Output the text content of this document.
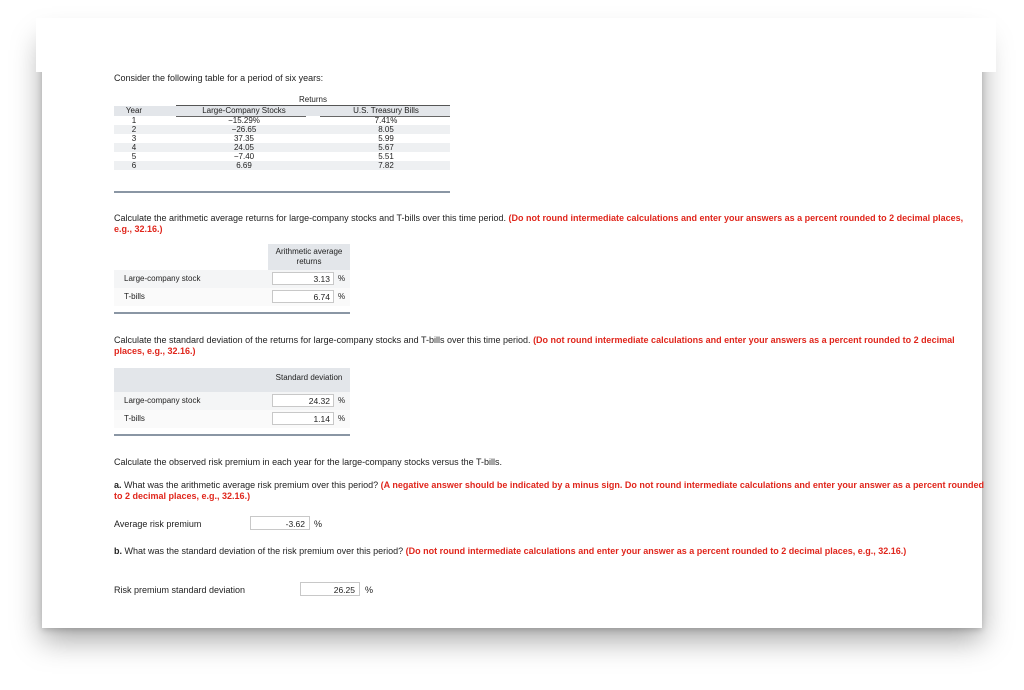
Consider the following table for a period of six years:
Returns
Year	Large-Company Stocks	U.S. Treasury Bills
1	−15.29%	7.41%
2	−26.65	8.05
3	37.35	5.99
4	24.05	5.67
5	−7.40	5.51
6	6.69	7.82
Calculate the arithmetic average returns for large-company stocks and T-bills over this time period. (Do not round intermediate calculations and enter your answers as a percent rounded to 2 decimal places, e.g., 32.16.)
Arithmetic average returns
Large-company stock	3.13	%
T-bills	6.74	%
Calculate the standard deviation of the returns for large-company stocks and T-bills over this time period. (Do not round intermediate calculations and enter your answers as a percent rounded to 2 decimal places, e.g., 32.16.)
Standard deviation
Large-company stock	24.32	%
T-bills	1.14	%
Calculate the observed risk premium in each year for the large-company stocks versus the T-bills.
a. What was the arithmetic average risk premium over this period? (A negative answer should be indicated by a minus sign. Do not round intermediate calculations and enter your answer as a percent rounded to 2 decimal places, e.g., 32.16.)
Average risk premium	-3.62	%
b. What was the standard deviation of the risk premium over this period? (Do not round intermediate calculations and enter your answer as a percent rounded to 2 decimal places, e.g., 32.16.)
Risk premium standard deviation	26.25	%
